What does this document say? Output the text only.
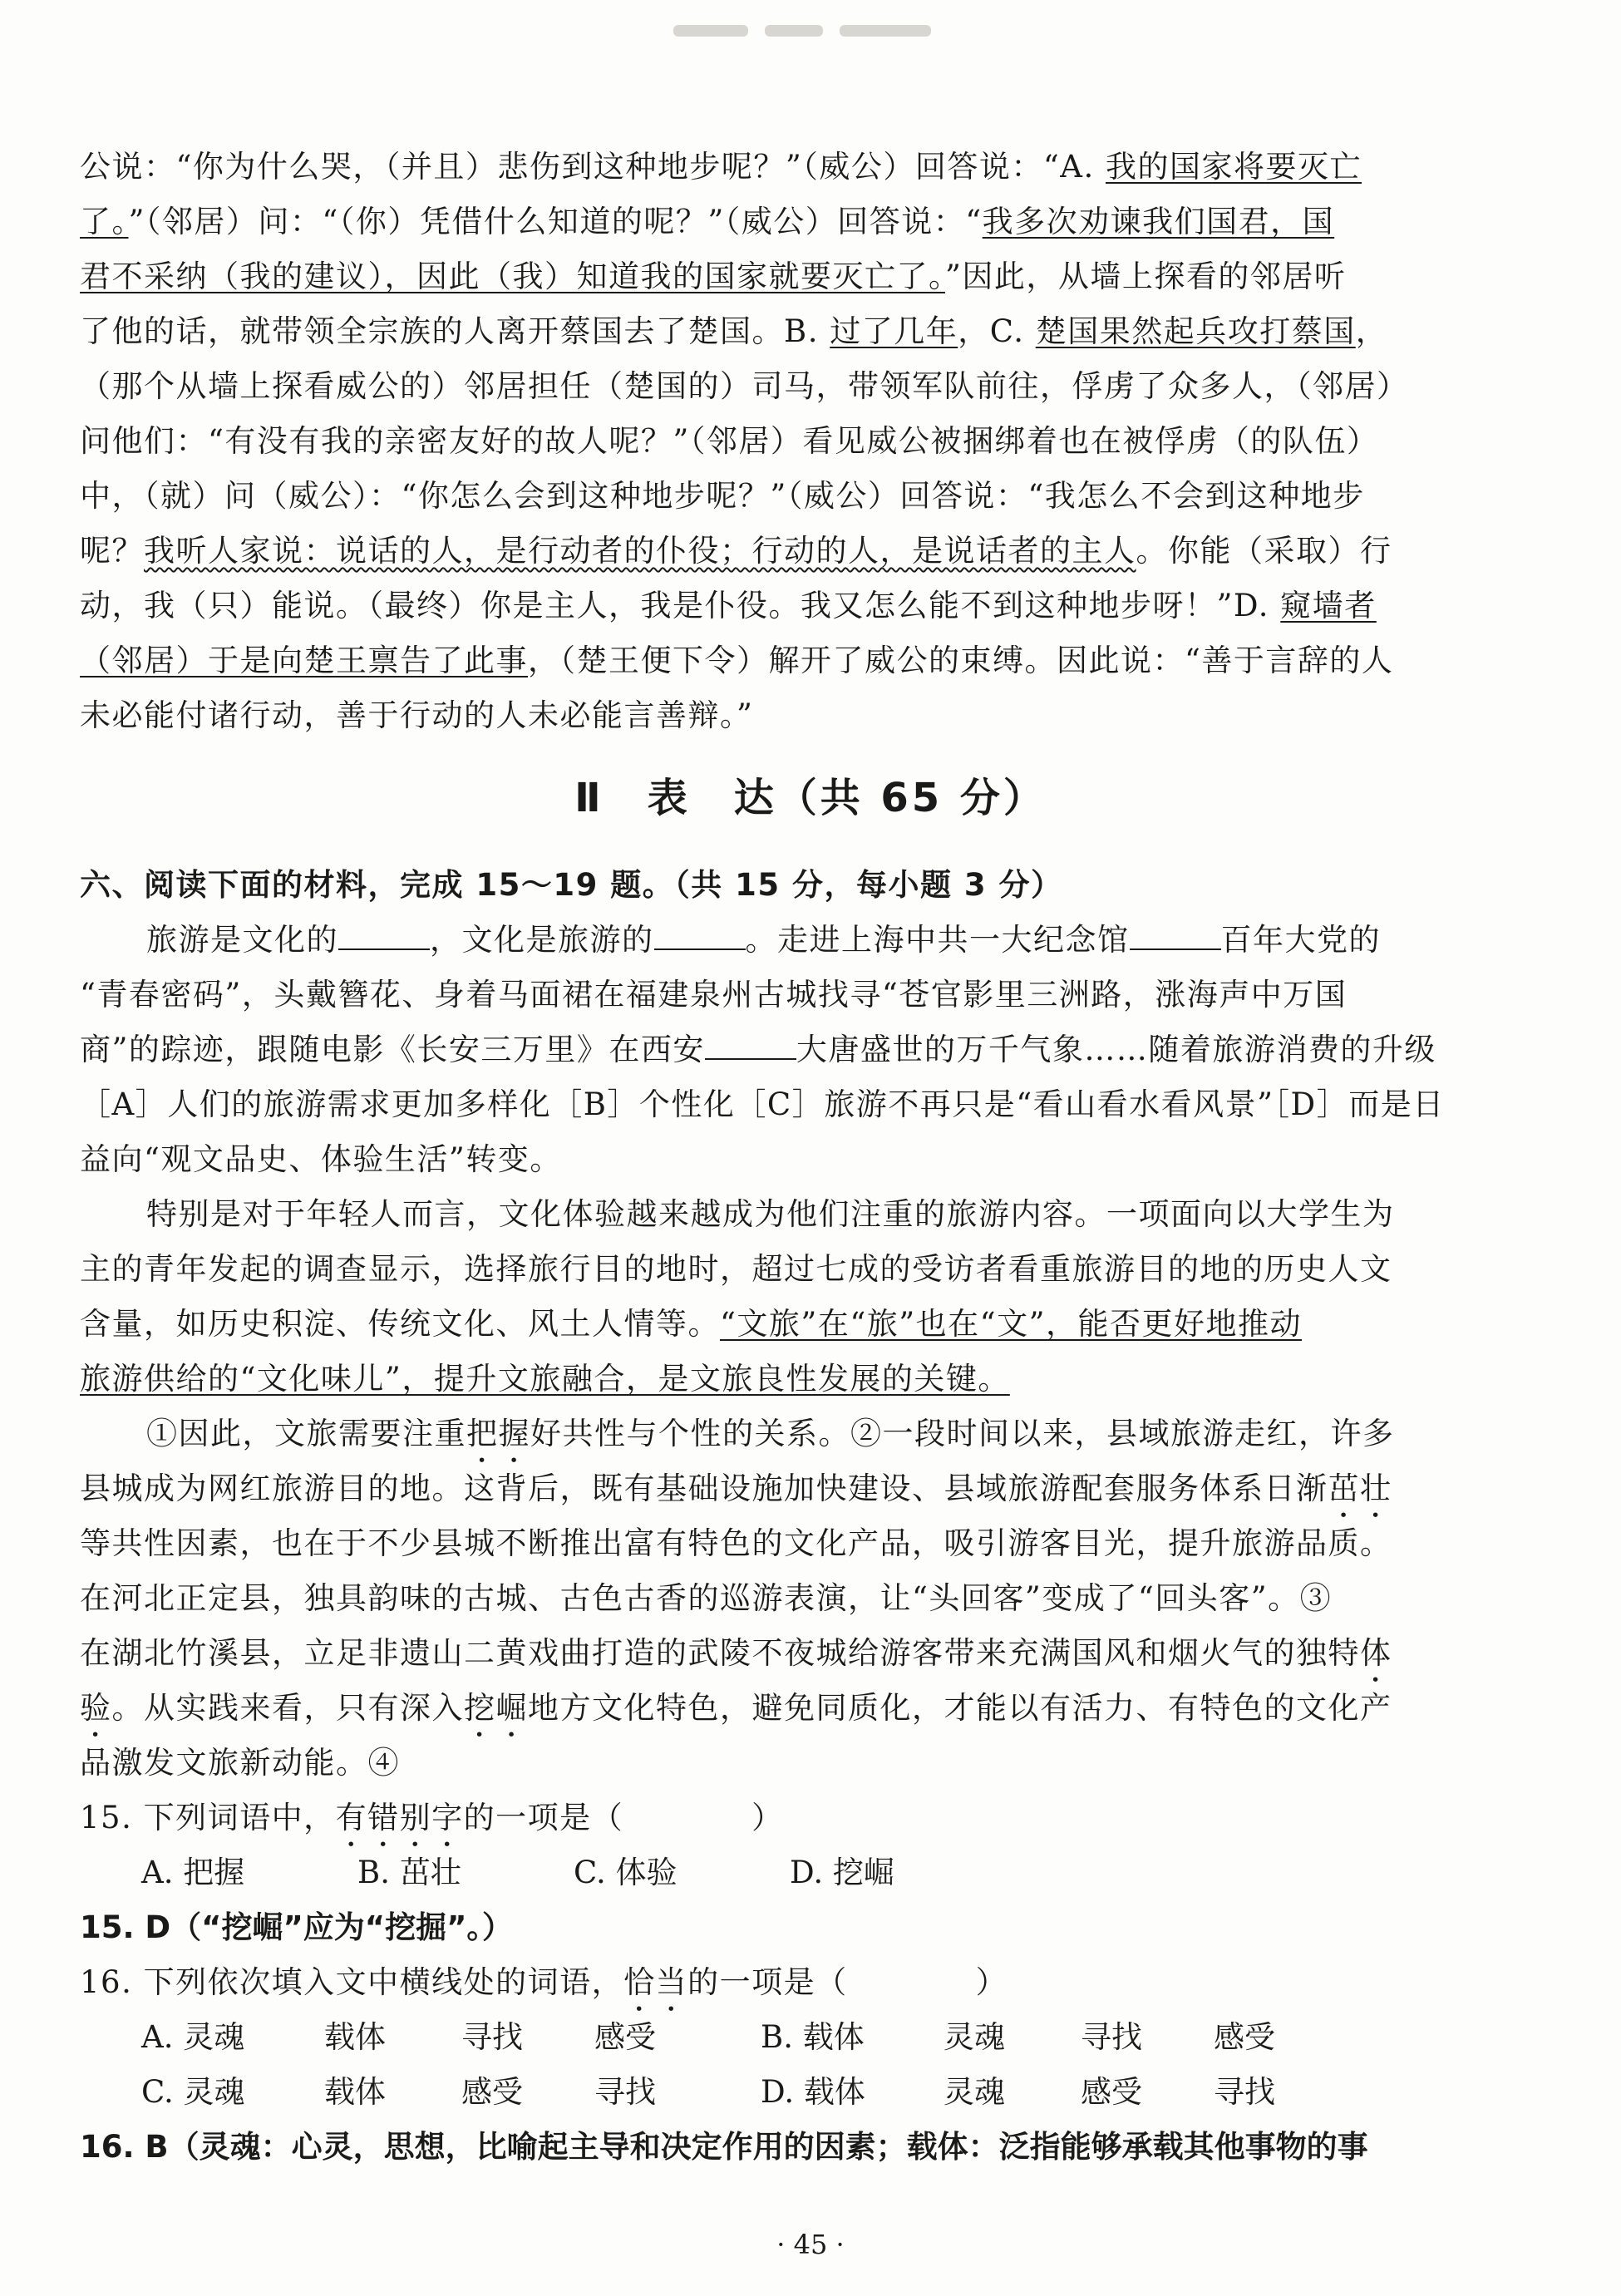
公说：“你为什么哭，（并且）悲伤到这种地步呢？”（威公）回答说：“A. 我的国家将要灭亡
了。”（邻居）问：“（你）凭借什么知道的呢？”（威公）回答说：“我多次劝谏我们国君，国
君不采纳（我的建议），因此（我）知道我的国家就要灭亡了。”因此，从墙上探看的邻居听
了他的话，就带领全宗族的人离开蔡国去了楚国。B. 过了几年，C. 楚国果然起兵攻打蔡国，
（那个从墙上探看威公的）邻居担任（楚国的）司马，带领军队前往，俘虏了众多人，（邻居）
问他们：“有没有我的亲密友好的故人呢？”（邻居）看见威公被捆绑着也在被俘虏（的队伍）
中，（就）问（威公）：“你怎么会到这种地步呢？”（威公）回答说：“我怎么不会到这种地步
呢？我听人家说：说话的人，是行动者的仆役；行动的人，是说话者的主人。你能（采取）行
动，我（只）能说。（最终）你是主人，我是仆役。我又怎么能不到这种地步呀！”D. 窥墙者
（邻居）于是向楚王禀告了此事，（楚王便下令）解开了威公的束缚。因此说：“善于言辞的人
未必能付诸行动，善于行动的人未必能言善辩。”
Ⅱ　表　达（共 65 分）
六、阅读下面的材料，完成 15～19 题。（共 15 分，每小题 3 分）
旅游是文化的	，文化是旅游的	。走进上海中共一大纪念馆	百年大党的
“青春密码”，头戴簪花、身着马面裙在福建泉州古城找寻“苍官影里三洲路，涨海声中万国
商”的踪迹，跟随电影《长安三万里》在西安	大唐盛世的万千气象……随着旅游消费的升级
［A］人们的旅游需求更加多样化［B］个性化［C］旅游不再只是“看山看水看风景”［D］而是日
益向“观文品史、体验生活”转变。
特别是对于年轻人而言，文化体验越来越成为他们注重的旅游内容。一项面向以大学生为
主的青年发起的调查显示，选择旅行目的地时，超过七成的受访者看重旅游目的地的历史人文
含量，如历史积淀、传统文化、风土人情等。“文旅”在“旅”也在“文”，能否更好地推动
旅游供给的“文化味儿”，提升文旅融合，是文旅良性发展的关键。
①因此，文旅需要注重把握好共性与个性的关系。②一段时间以来，县域旅游走红，许多
县城成为网红旅游目的地。这背后，既有基础设施加快建设、县域旅游配套服务体系日渐茁壮
等共性因素，也在于不少县城不断推出富有特色的文化产品，吸引游客目光，提升旅游品质。
在河北正定县，独具韵味的古城、古色古香的巡游表演，让“头回客”变成了“回头客”。③
在湖北竹溪县，立足非遗山二黄戏曲打造的武陵不夜城给游客带来充满国风和烟火气的独特体
验。从实践来看，只有深入挖崛地方文化特色，避免同质化，才能以有活力、有特色的文化产
品激发文旅新动能。④
15. 下列词语中，有错别字的一项是（　　　　）
A. 把握	B. 茁壮	C. 体验	D. 挖崛
15. D（“挖崛”应为“挖掘”。）
16. 下列依次填入文中横线处的词语，恰当的一项是（　　　　）
A. 灵魂	载体 寻找 感受	B. 载体	灵魂 寻找 感受
C. 灵魂	载体 感受 寻找	D. 载体	灵魂 感受 寻找
16. B（灵魂：心灵，思想，比喻起主导和决定作用的因素；载体：泛指能够承载其他事物的事
· 45 ·
